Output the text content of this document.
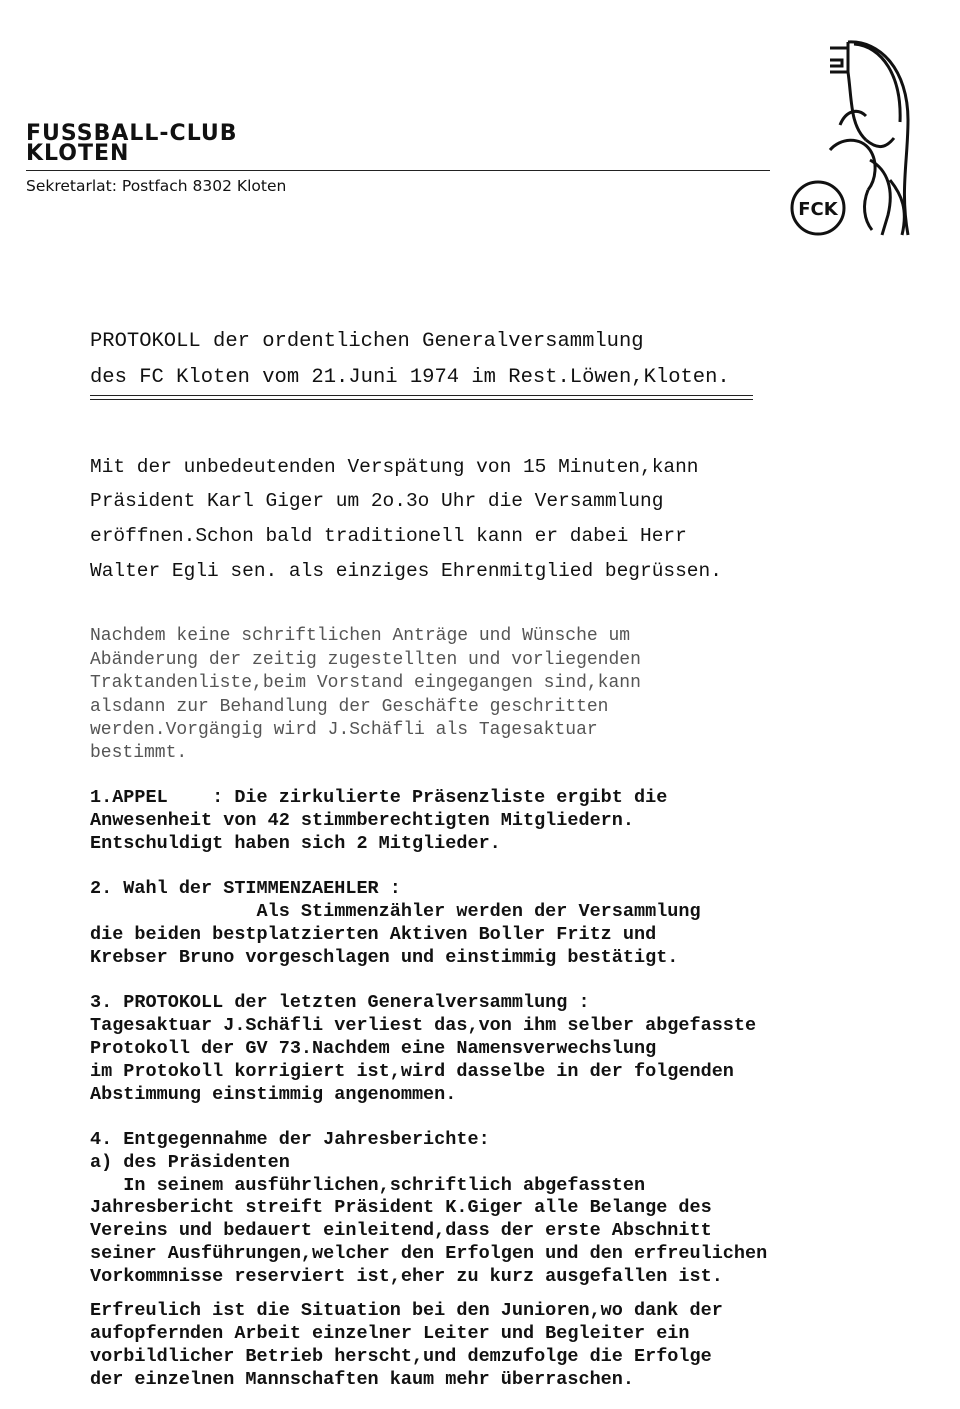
FUSSBALL-CLUB
KLOTEN
Sekretarlat: Postfach 8302 Kloten
FCK
PROTOKOLL der ordentlichen Generalversammlung
des FC Kloten vom 21.Juni 1974 im Rest.Löwen,Kloten.
Mit der unbedeutenden Verspätung von 15 Minuten,kann
Präsident Karl Giger um 2o.3o Uhr die Versammlung
eröffnen.Schon bald traditionell kann er dabei Herr
Walter Egli sen. als einziges Ehrenmitglied begrüssen.
Nachdem keine schriftlichen Anträge und Wünsche um
Abänderung der zeitig zugestellten und vorliegenden
Traktandenliste,beim Vorstand eingegangen sind,kann
alsdann zur Behandlung der Geschäfte geschritten
werden.Vorgängig wird J.Schäfli als Tagesaktuar
bestimmt.
1.APPEL    : Die zirkulierte Präsenzliste ergibt die
Anwesenheit von 42 stimmberechtigten Mitgliedern.
Entschuldigt haben sich 2 Mitglieder.
2. Wahl der STIMMENZAEHLER :
Als Stimmenzähler werden der Versammlung
die beiden bestplatzierten Aktiven Boller Fritz und
Krebser Bruno vorgeschlagen und einstimmig bestätigt.
3. PROTOKOLL der letzten Generalversammlung :
Tagesaktuar J.Schäfli verliest das,von ihm selber abgefasste
Protokoll der GV 73.Nachdem eine Namensverwechslung
im Protokoll korrigiert ist,wird dasselbe in der folgenden
Abstimmung einstimmig angenommen.
4. Entgegennahme der Jahresberichte:
a) des Präsidenten
In seinem ausführlichen,schriftlich abgefassten
Jahresbericht streift Präsident K.Giger alle Belange des
Vereins und bedauert einleitend,dass der erste Abschnitt
seiner Ausführungen,welcher den Erfolgen und den erfreulichen
Vorkommnisse reserviert ist,eher zu kurz ausgefallen ist.
Erfreulich ist die Situation bei den Junioren,wo dank der
aufopfernden Arbeit einzelner Leiter und Begleiter ein
vorbildlicher Betrieb herscht,und demzufolge die Erfolge
der einzelnen Mannschaften kaum mehr überraschen.
